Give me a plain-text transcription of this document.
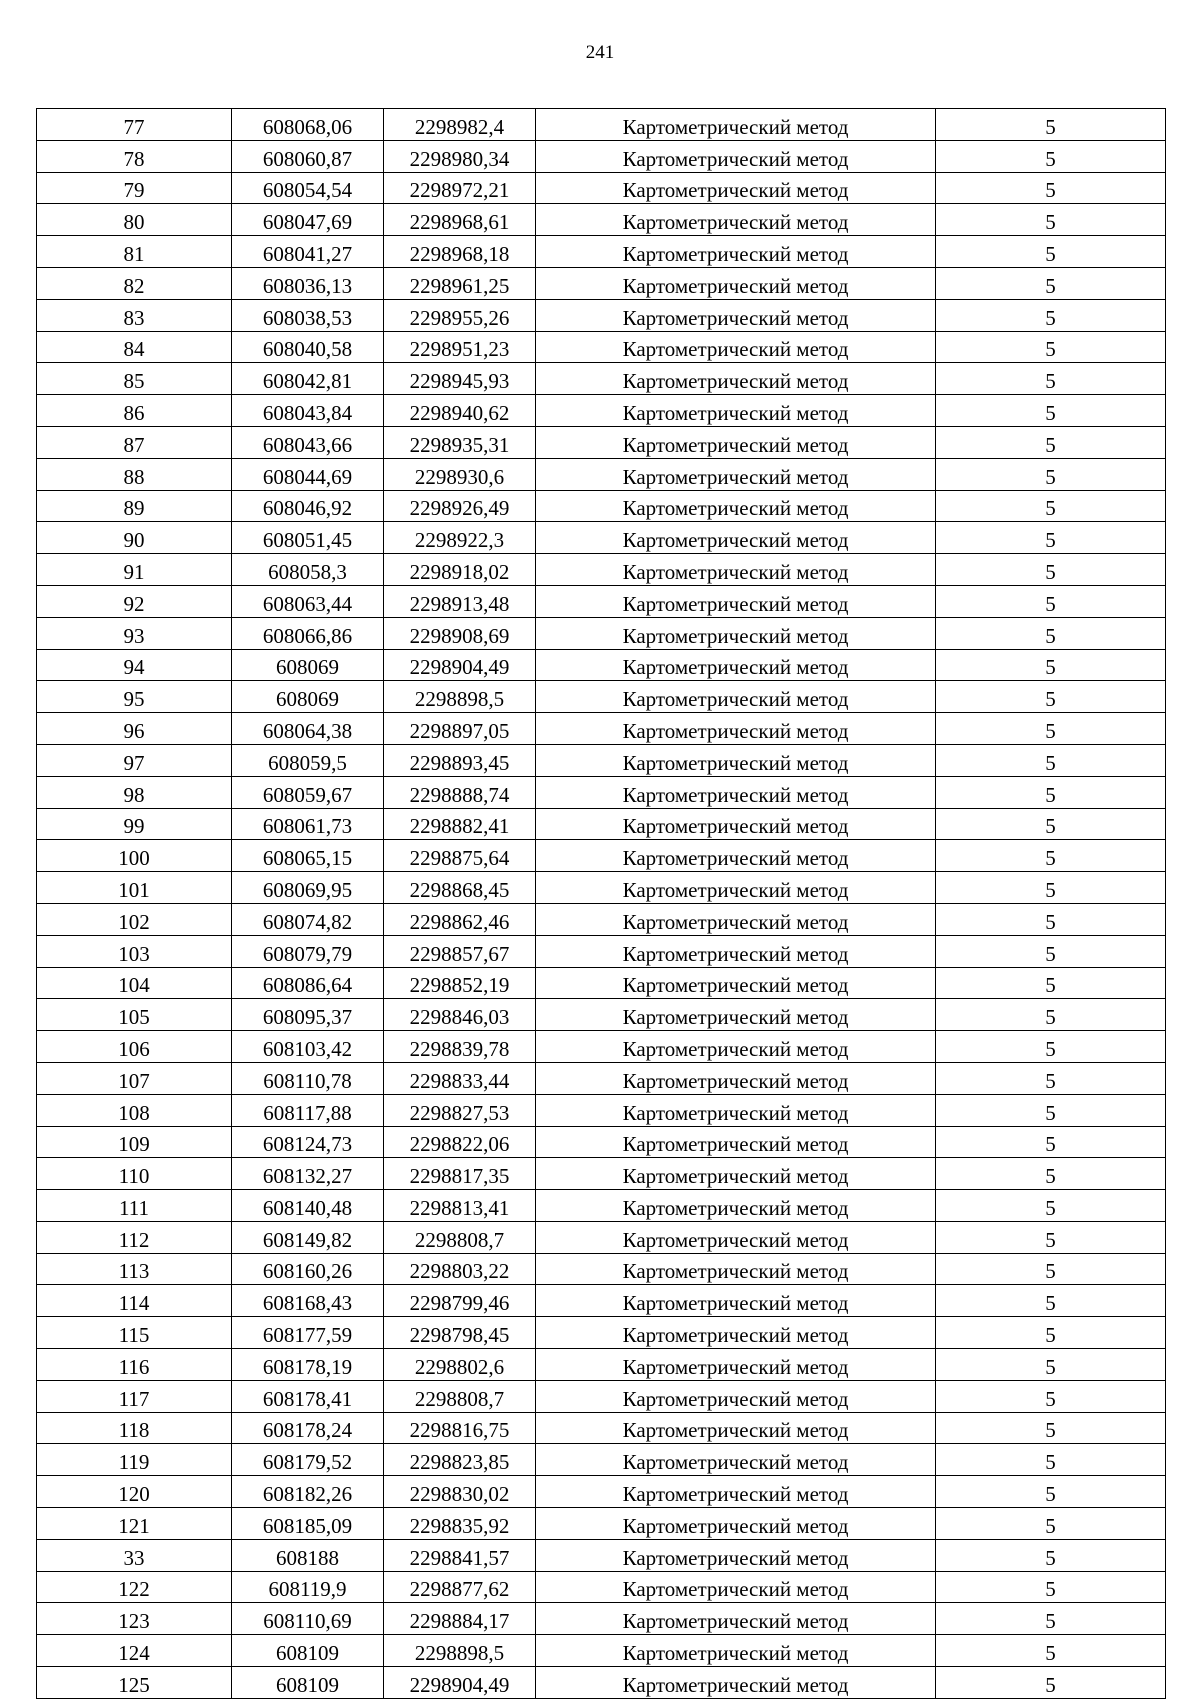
241
77	608068,06	2298982,4	Картометрический метод	5
78	608060,87	2298980,34	Картометрический метод	5
79	608054,54	2298972,21	Картометрический метод	5
80	608047,69	2298968,61	Картометрический метод	5
81	608041,27	2298968,18	Картометрический метод	5
82	608036,13	2298961,25	Картометрический метод	5
83	608038,53	2298955,26	Картометрический метод	5
84	608040,58	2298951,23	Картометрический метод	5
85	608042,81	2298945,93	Картометрический метод	5
86	608043,84	2298940,62	Картометрический метод	5
87	608043,66	2298935,31	Картометрический метод	5
88	608044,69	2298930,6	Картометрический метод	5
89	608046,92	2298926,49	Картометрический метод	5
90	608051,45	2298922,3	Картометрический метод	5
91	608058,3	2298918,02	Картометрический метод	5
92	608063,44	2298913,48	Картометрический метод	5
93	608066,86	2298908,69	Картометрический метод	5
94	608069	2298904,49	Картометрический метод	5
95	608069	2298898,5	Картометрический метод	5
96	608064,38	2298897,05	Картометрический метод	5
97	608059,5	2298893,45	Картометрический метод	5
98	608059,67	2298888,74	Картометрический метод	5
99	608061,73	2298882,41	Картометрический метод	5
100	608065,15	2298875,64	Картометрический метод	5
101	608069,95	2298868,45	Картометрический метод	5
102	608074,82	2298862,46	Картометрический метод	5
103	608079,79	2298857,67	Картометрический метод	5
104	608086,64	2298852,19	Картометрический метод	5
105	608095,37	2298846,03	Картометрический метод	5
106	608103,42	2298839,78	Картометрический метод	5
107	608110,78	2298833,44	Картометрический метод	5
108	608117,88	2298827,53	Картометрический метод	5
109	608124,73	2298822,06	Картометрический метод	5
110	608132,27	2298817,35	Картометрический метод	5
111	608140,48	2298813,41	Картометрический метод	5
112	608149,82	2298808,7	Картометрический метод	5
113	608160,26	2298803,22	Картометрический метод	5
114	608168,43	2298799,46	Картометрический метод	5
115	608177,59	2298798,45	Картометрический метод	5
116	608178,19	2298802,6	Картометрический метод	5
117	608178,41	2298808,7	Картометрический метод	5
118	608178,24	2298816,75	Картометрический метод	5
119	608179,52	2298823,85	Картометрический метод	5
120	608182,26	2298830,02	Картометрический метод	5
121	608185,09	2298835,92	Картометрический метод	5
33	608188	2298841,57	Картометрический метод	5
122	608119,9	2298877,62	Картометрический метод	5
123	608110,69	2298884,17	Картометрический метод	5
124	608109	2298898,5	Картометрический метод	5
125	608109	2298904,49	Картометрический метод	5
